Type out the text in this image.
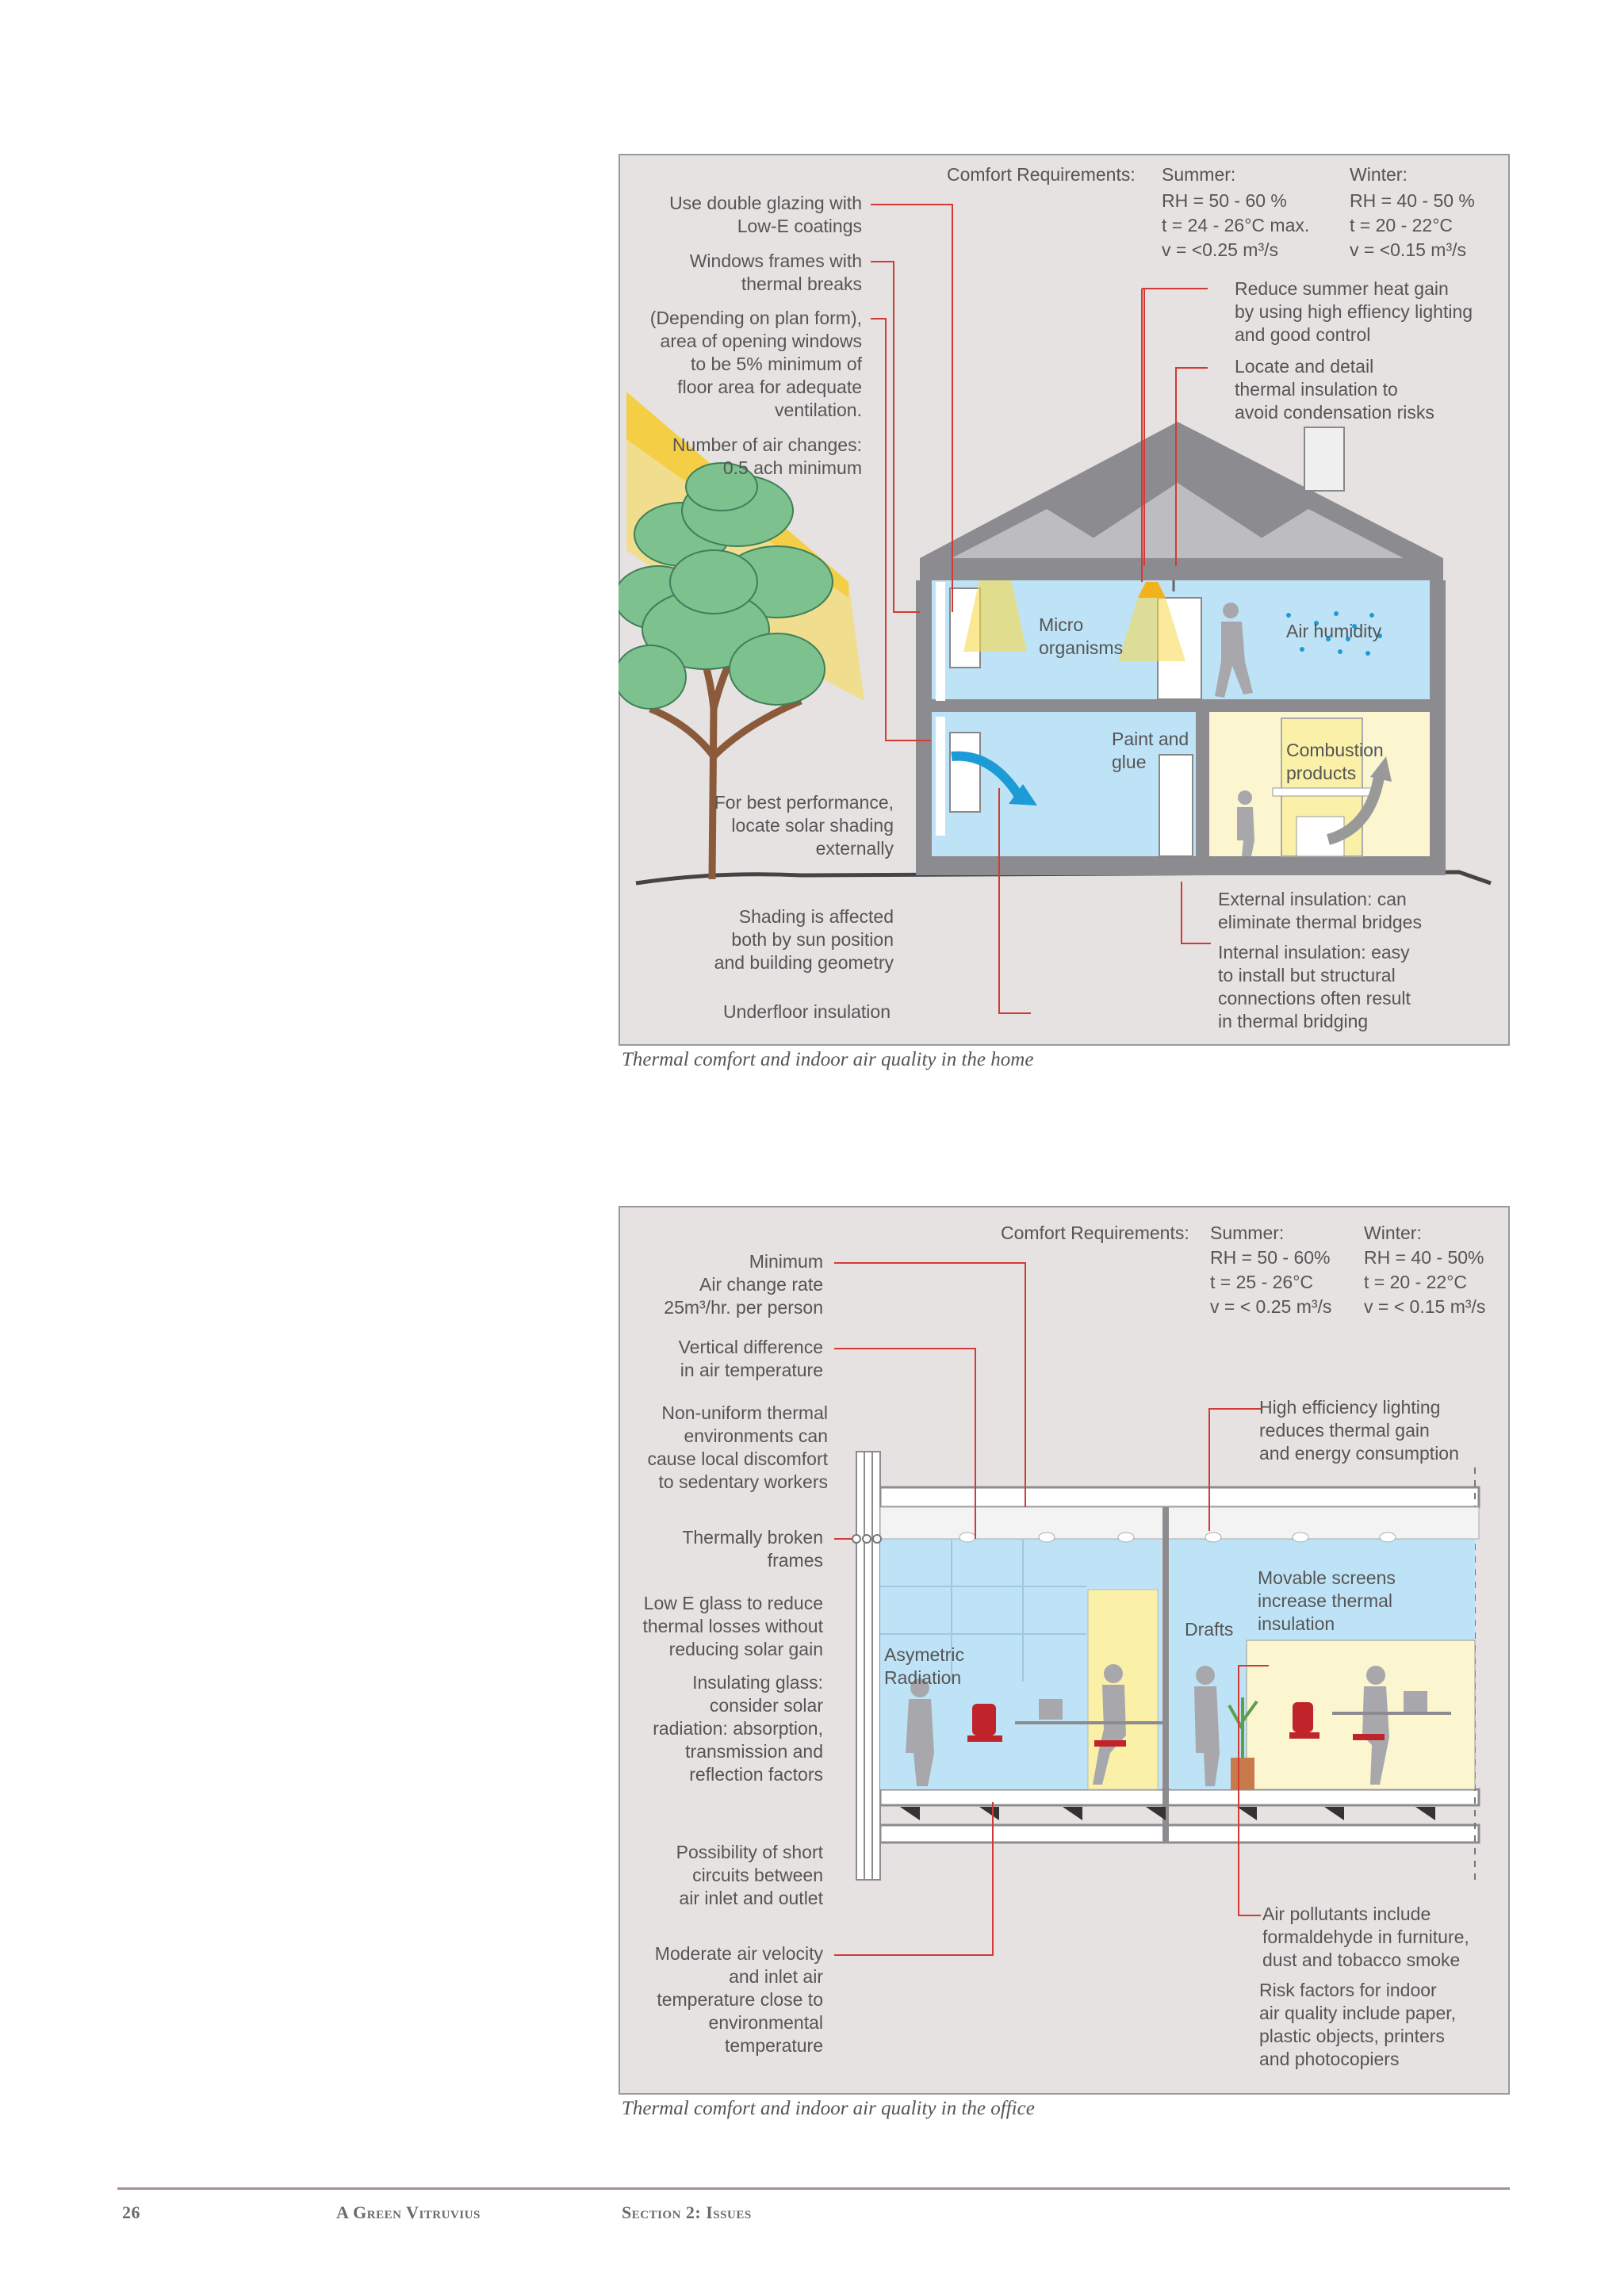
Comfort Requirements: Summer:
RH = 50 - 60 %
t = 24 - 26°C max.
v = <0.25 m³/s
Winter:
RH = 40 - 50 %
t = 20 - 22°C
v = <0.15 m³/s
Use double glazing with
Low-E coatings
Windows frames with
thermal breaks
(Depending on plan form),
area of opening windows
to be 5% minimum of
floor area for adequate
ventilation.
Number of air changes:
0.5 ach minimum
For best performance,
locate solar shading
externally
Shading is affected
both by sun position
and building geometry
Underfloor insulation
Reduce summer heat gain
by using high effiency lighting
and good control
Locate and detail
thermal insulation to
avoid condensation risks
External insulation: can
eliminate thermal bridges
Internal insulation: easy
to install but structural
connections often result
in thermal bridging
Micro
organisms
Air humidity
Paint and
glue
Combustion
products
Thermal comfort and indoor air quality in the home
Comfort Requirements: Summer:
RH = 50 - 60%
t = 25 - 26°C
v = < 0.25 m³/s
Winter:
RH = 40 - 50%
t = 20 - 22°C
v = < 0.15 m³/s
Minimum
Air change rate
25m³/hr. per person
Vertical difference
in air temperature
Non-uniform thermal
environments can
cause local discomfort
to sedentary workers
Thermally broken
frames
Low E glass to reduce
thermal losses without
reducing solar gain
Insulating glass:
consider solar
radiation: absorption,
transmission and
reflection factors
Possibility of short
circuits between
air inlet and outlet
Moderate air velocity
and inlet air
temperature close to
environmental
temperature
High efficiency lighting
reduces thermal gain
and energy consumption
Movable screens
increase thermal
insulation
Air pollutants include
formaldehyde in furniture,
dust and tobacco smoke
Risk factors for indoor
air quality include paper,
plastic objects, printers
and photocopiers
Asymetric
Radiation
Drafts
Thermal comfort and indoor air quality in the office
26	A Green Vitruvius	Section 2: Issues
